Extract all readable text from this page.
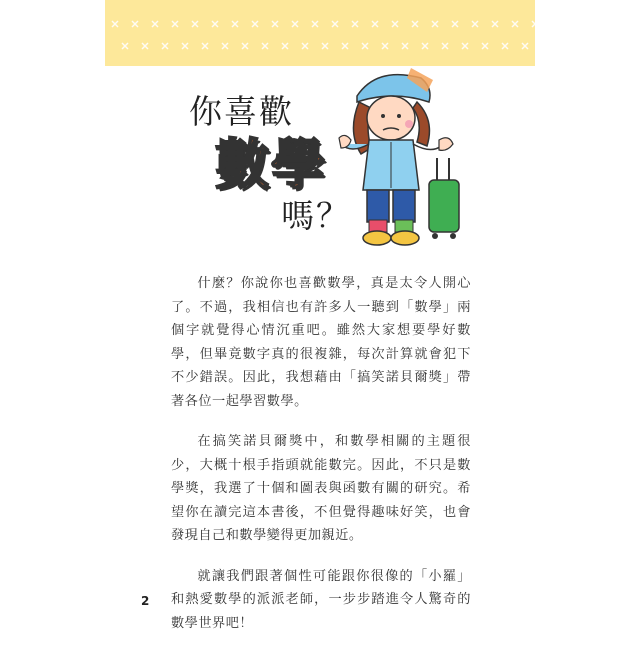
你喜歡
數學
嗎？

什麼？你說你也喜歡數學，真是太令人開心了。不過，我相信也有許多人一聽到「數學」兩個字就覺得心情沉重吧。雖然大家想要學好數學，但畢竟數字真的很複雜，每次計算就會犯下不少錯誤。因此，我想藉由「搞笑諾貝爾獎」帶著各位一起學習數學。

在搞笑諾貝爾獎中，和數學相關的主題很少，大概十根手指頭就能數完。因此，不只是數學獎，我選了十個和圖表與函數有關的研究。希望你在讀完這本書後，不但覺得趣味好笑，也會發現自己和數學變得更加親近。

就讓我們跟著個性可能跟你很像的「小羅」和熱愛數學的派派老師，一步步踏進令人驚奇的數學世界吧！

2
